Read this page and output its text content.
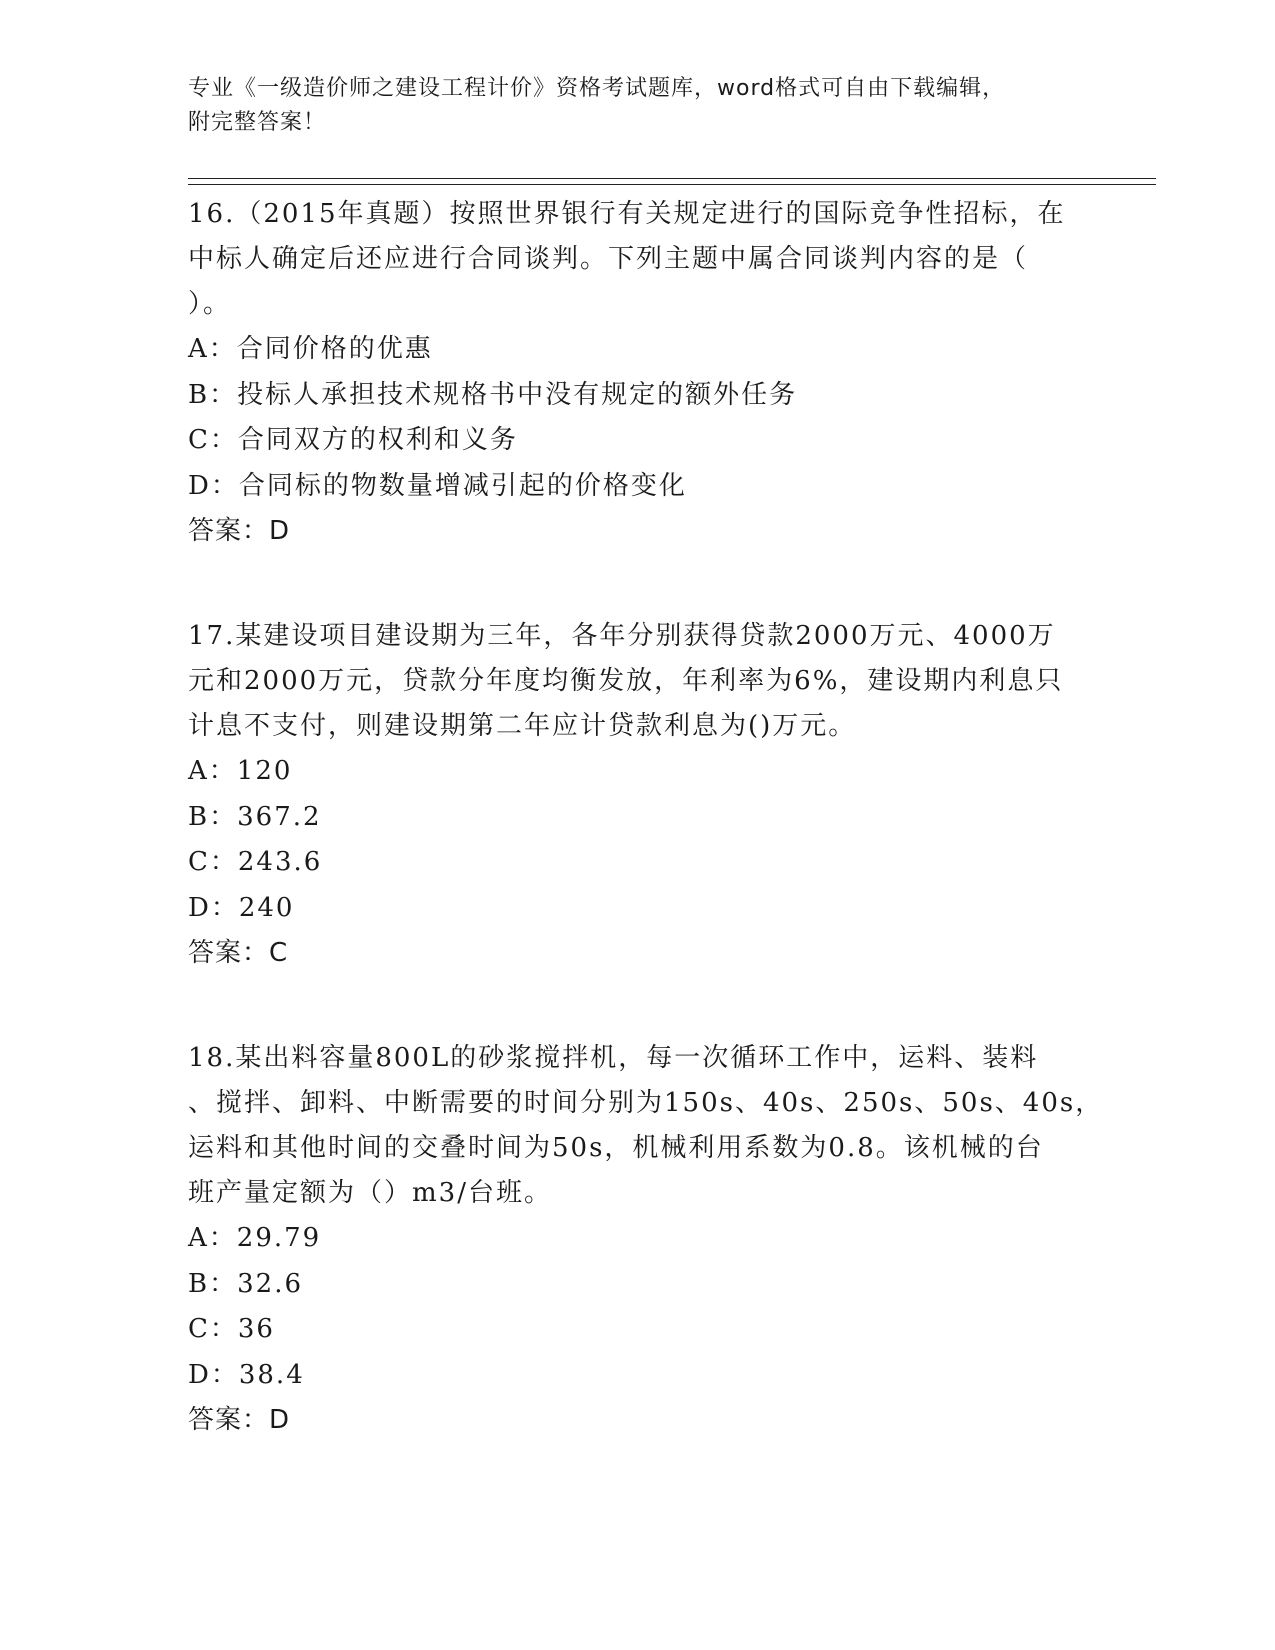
专业《一级造价师之建设工程计价》资格考试题库，word格式可自由下载编辑，
附完整答案！
16.（2015年真题）按照世界银行有关规定进行的国际竞争性招标，在
中标人确定后还应进行合同谈判。下列主题中属合同谈判内容的是（
）。
A：合同价格的优惠
B：投标人承担技术规格书中没有规定的额外任务
C：合同双方的权利和义务
D：合同标的物数量增减引起的价格变化
答案：D
17.某建设项目建设期为三年，各年分别获得贷款2000万元、4000万
元和2000万元，贷款分年度均衡发放，年利率为6%，建设期内利息只
计息不支付，则建设期第二年应计贷款利息为()万元。
A：120
B：367.2
C：243.6
D：240
答案：C
18.某出料容量800L的砂浆搅拌机，每一次循环工作中，运料、装料
、搅拌、卸料、中断需要的时间分别为150s、40s、250s、50s、40s，
运料和其他时间的交叠时间为50s，机械利用系数为0.8。该机械的台
班产量定额为（）m3/台班。
A：29.79
B：32.6
C：36
D：38.4
答案：D
